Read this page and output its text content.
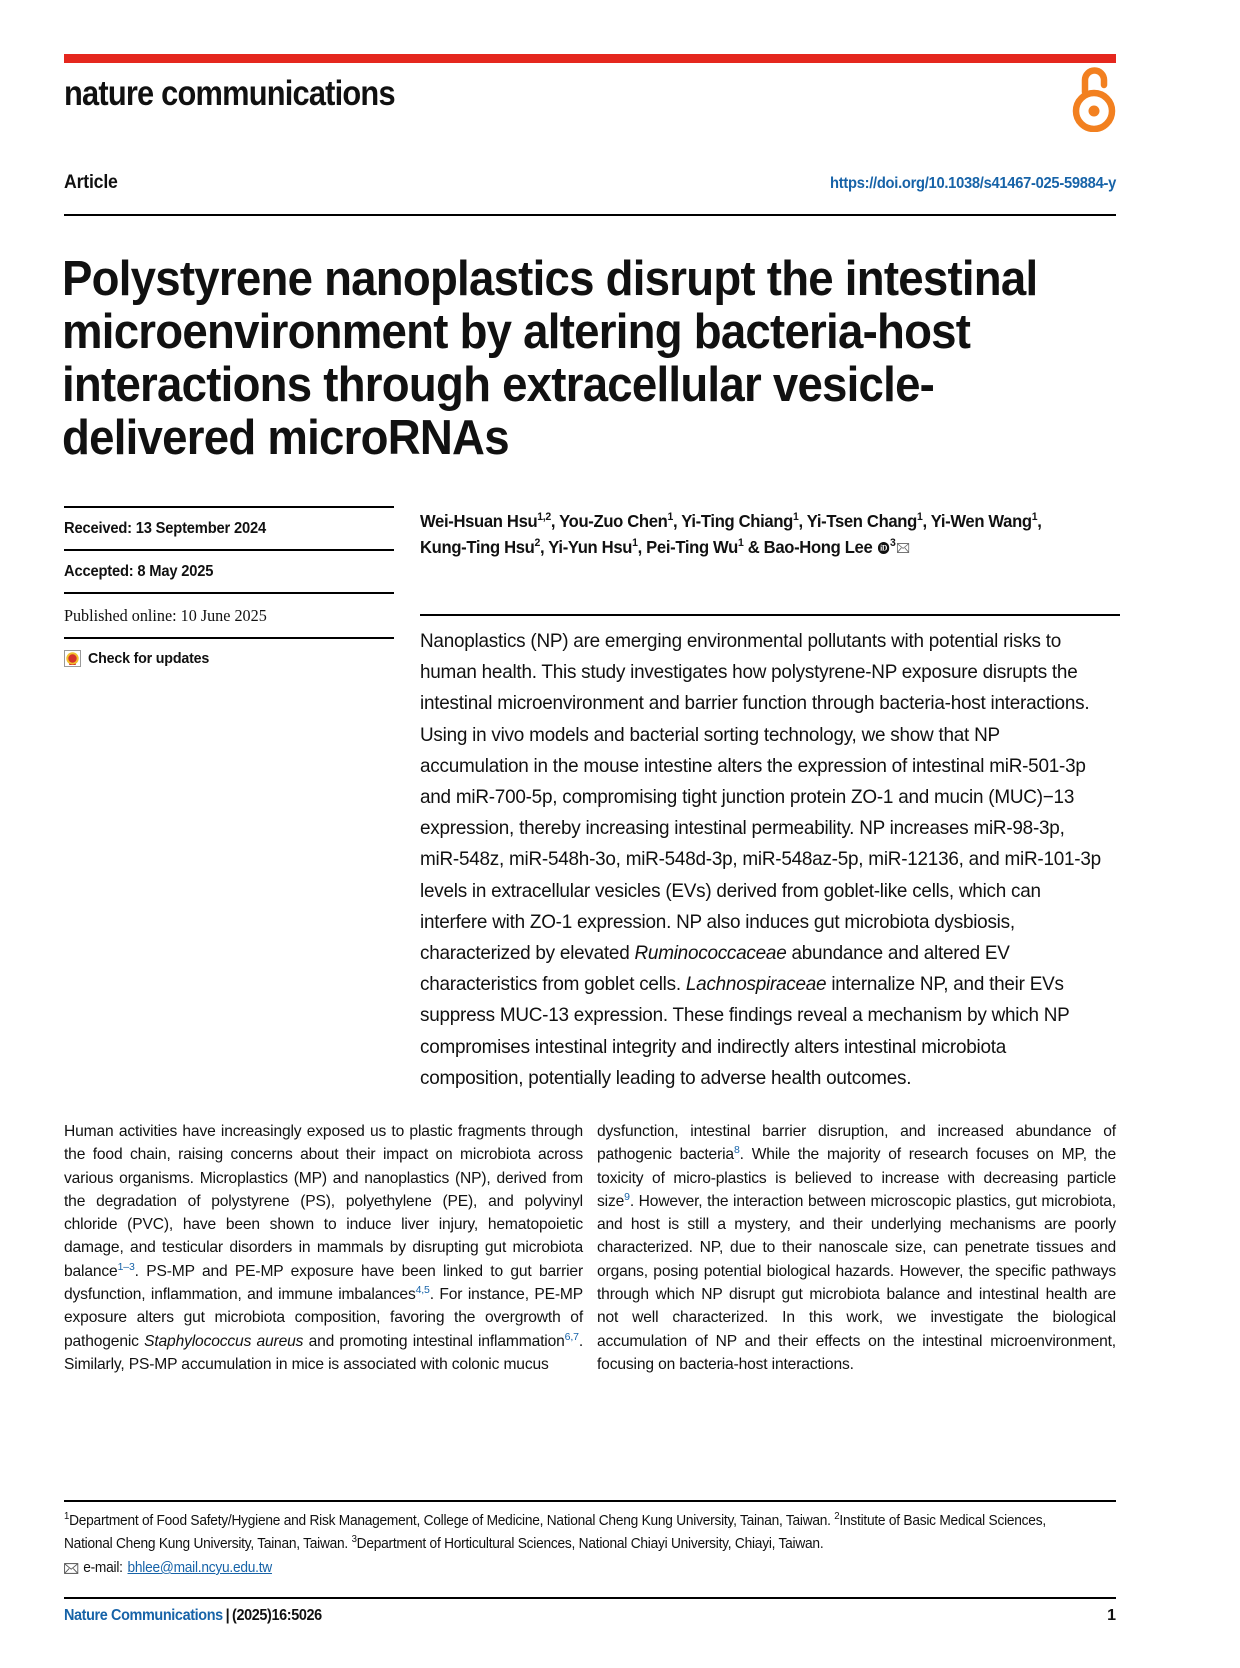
nature communications
Article	https://doi.org/10.1038/s41467-025-59884-y
Polystyrene nanoplastics disrupt the intestinal microenvironment by altering bacteria-host interactions through extracellular vesicle-delivered microRNAs
Received: 13 September 2024
Accepted: 8 May 2025
Published online: 10 June 2025
Check for updates
Wei-Hsuan Hsu$^{1,2}$, You-Zuo Chen$^1$, Yi-Ting Chiang$^1$, Yi-Tsen Chang$^1$, Yi-Wen Wang$^1$,
Kung-Ting Hsu$^2$, Yi-Yun Hsu$^1$, Pei-Ting Wu$^1$ & Bao-Hong Lee iD $^3$
Nanoplastics (NP) are emerging environmental pollutants with potential risks to human health. This study investigates how polystyrene-NP exposure disrupts the intestinal microenvironment and barrier function through bacteria-host interactions. Using in vivo models and bacterial sorting technology, we show that NP accumulation in the mouse intestine alters the expression of intestinal miR-501-3p and miR-700-5p, compromising tight junction protein ZO-1 and mucin (MUC)−13 expression, thereby increasing intestinal permeability. NP increases miR-98-3p, miR-548z, miR-548h-3o, miR-548d-3p, miR-548az-5p, miR-12136, and miR-101-3p levels in extracellular vesicles (EVs) derived from goblet-like cells, which can interfere with ZO-1 expression. NP also induces gut microbiota dysbiosis, characterized by elevated Ruminococcaceae abundance and altered EV characteristics from goblet cells. Lachnospiraceae internalize NP, and their EVs suppress MUC-13 expression. These findings reveal a mechanism by which NP compromises intestinal integrity and indirectly alters intestinal microbiota composition, potentially leading to adverse health outcomes.
Human activities have increasingly exposed us to plastic fragments through the food chain, raising concerns about their impact on microbiota across various organisms. Microplastics (MP) and nanoplastics (NP), derived from the degradation of polystyrene (PS), polyethylene (PE), and polyvinyl chloride (PVC), have been shown to induce liver injury, hematopoietic damage, and testicular disorders in mammals by disrupting gut microbiota balance$^{1-3}$. PS-MP and PE-MP exposure have been linked to gut barrier dysfunction, inflammation, and immune imbalances$^{4,5}$. For instance, PE-MP exposure alters gut microbiota composition, favoring the overgrowth of pathogenic Staphylococcus aureus and promoting intestinal inflammation$^{6,7}$. Similarly, PS-MP accumulation in mice is associated with colonic mucus
dysfunction, intestinal barrier disruption, and increased abundance of pathogenic bacteria$^8$. While the majority of research focuses on MP, the toxicity of micro-plastics is believed to increase with decreasing particle size$^9$. However, the interaction between microscopic plastics, gut microbiota, and host is still a mystery, and their underlying mechanisms are poorly characterized. NP, due to their nanoscale size, can penetrate tissues and organs, posing potential biological hazards. However, the specific pathways through which NP disrupt gut microbiota balance and intestinal health are not well characterized. In this work, we investigate the biological accumulation of NP and their effects on the intestinal microenvironment, focusing on bacteria-host interactions.
$^1$Department of Food Safety/Hygiene and Risk Management, College of Medicine, National Cheng Kung University, Tainan, Taiwan. $^2$Institute of Basic Medical Sciences, National Cheng Kung University, Tainan, Taiwan. $^3$Department of Horticultural Sciences, National Chiayi University, Chiayi, Taiwan.
e-mail: bhlee@mail.ncyu.edu.tw
Nature Communications | (2025)16:5026	1
